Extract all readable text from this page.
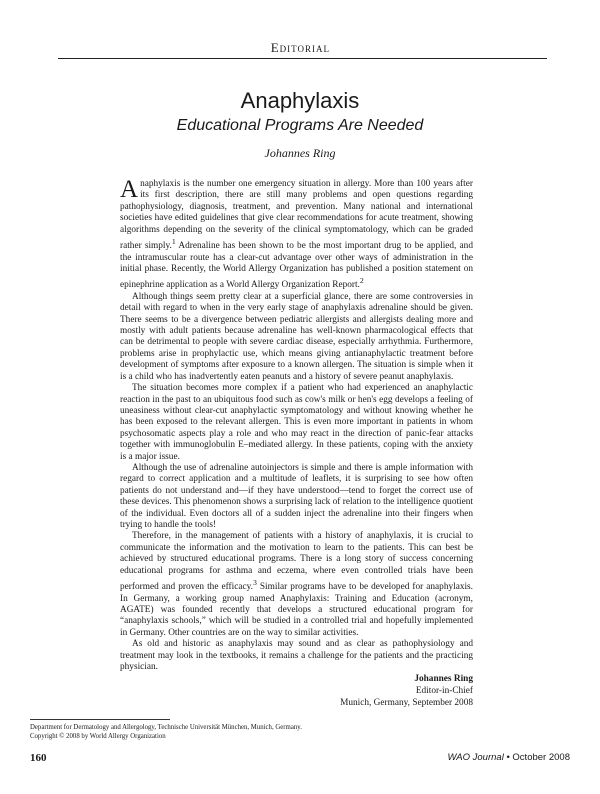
Editorial
Anaphylaxis
Educational Programs Are Needed
Johannes Ring

Anaphylaxis is the number one emergency situation in allergy. More than 100 years after its first description, there are still many problems and open questions regarding pathophysiology, diagnosis, treatment, and prevention. Many national and international societies have edited guidelines that give clear recommendations for acute treatment, showing algorithms depending on the severity of the clinical symptomatology, which can be graded rather simply.$^1$ Adrenaline has been shown to be the most important drug to be applied, and the intramuscular route has a clear-cut advantage over other ways of administration in the initial phase. Recently, the World Allergy Organization has published a position statement on epinephrine application as a World Allergy Organization Report.$^2$

Although things seem pretty clear at a superficial glance, there are some controversies in detail with regard to when in the very early stage of anaphylaxis adrenaline should be given. There seems to be a divergence between pediatric allergists and allergists dealing more and mostly with adult patients because adrenaline has well-known pharmacological effects that can be detrimental to people with severe cardiac disease, especially arrhythmia. Furthermore, problems arise in prophylactic use, which means giving antianaphylactic treatment before development of symptoms after exposure to a known allergen. The situation is simple when it is a child who has inadvertently eaten peanuts and a history of severe peanut anaphylaxis.

The situation becomes more complex if a patient who had experienced an anaphylactic reaction in the past to an ubiquitous food such as cow's milk or hen's egg develops a feeling of uneasiness without clear-cut anaphylactic symptomatology and without knowing whether he has been exposed to the relevant allergen. This is even more important in patients in whom psychosomatic aspects play a role and who may react in the direction of panic-fear attacks together with immunoglobulin E–mediated allergy. In these patients, coping with the anxiety is a major issue.

Although the use of adrenaline autoinjectors is simple and there is ample information with regard to correct application and a multitude of leaflets, it is surprising to see how often patients do not understand and—if they have understood—tend to forget the correct use of these devices. This phenomenon shows a surprising lack of relation to the intelligence quotient of the individual. Even doctors all of a sudden inject the adrenaline into their fingers when trying to handle the tools!

Therefore, in the management of patients with a history of anaphylaxis, it is crucial to communicate the information and the motivation to learn to the patients. This can best be achieved by structured educational programs. There is a long story of success concerning educational programs for asthma and eczema, where even controlled trials have been performed and proven the efficacy.$^3$ Similar programs have to be developed for anaphylaxis. In Germany, a working group named Anaphylaxis: Training and Education (acronym, AGATE) was founded recently that develops a structured educational program for “anaphylaxis schools,” which will be studied in a controlled trial and hopefully implemented in Germany. Other countries are on the way to similar activities.

As old and historic as anaphylaxis may sound and as clear as pathophysiology and treatment may look in the textbooks, it remains a challenge for the patients and the practicing physician.

Johannes Ring
Editor-in-Chief
Munich, Germany, September 2008
Department for Dermatology and Allergology, Technische Universität München, Munich, Germany.
Copyright © 2008 by World Allergy Organization
160	WAO Journal • October 2008
